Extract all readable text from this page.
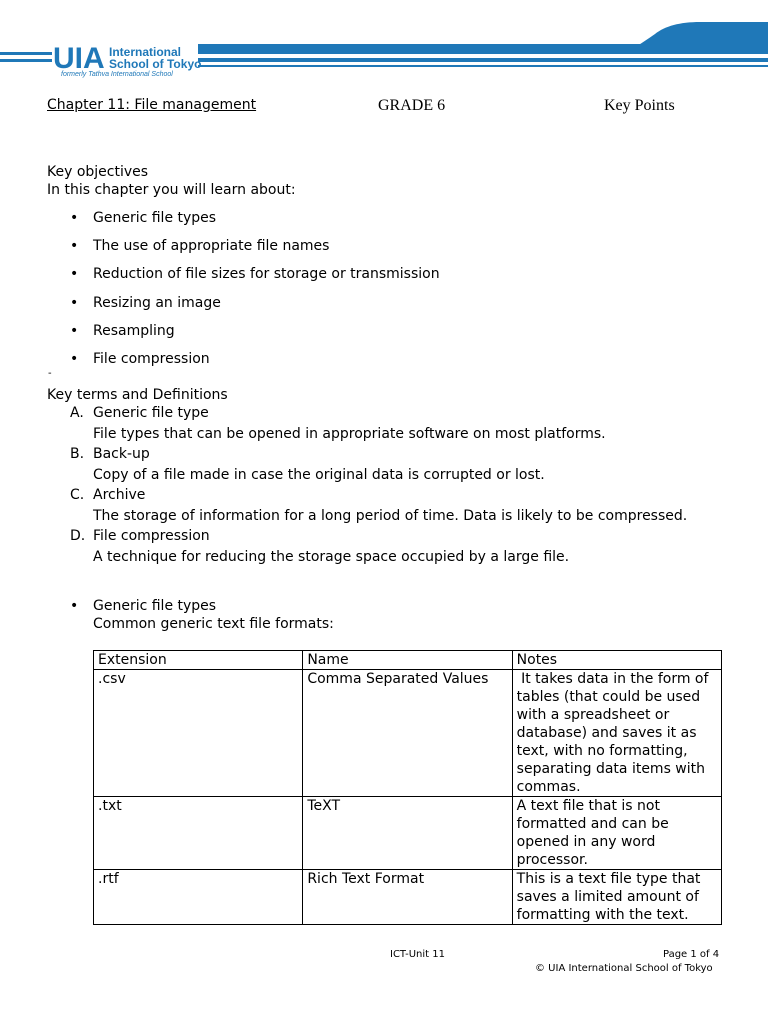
UIA International
School of Tokyo
formerly Tathva International School
Chapter 11: File management	GRADE 6	Key Points
Key objectives
In this chapter you will learn about:
• Generic file types
• The use of appropriate file names
• Reduction of file sizes for storage or transmission
• Resizing an image
• Resampling
• File compression
-
Key terms and Definitions
A. Generic file type
File types that can be opened in appropriate software on most platforms.
B. Back-up
Copy of a file made in case the original data is corrupted or lost.
C. Archive
The storage of information for a long period of time. Data is likely to be compressed.
D. File compression
A technique for reducing the storage space occupied by a large file.
• Generic file types
Common generic text file formats:
Extension	Name	Notes
.csv	Comma Separated Values	It takes data in the form of tables (that could be used with a spreadsheet or database) and saves it as text, with no formatting, separating data items with commas.
.txt	TeXT	A text file that is not formatted and can be opened in any word processor.
.rtf	Rich Text Format	This is a text file type that saves a limited amount of formatting with the text.
ICT-Unit 11	Page 1 of 4
© UIA International School of Tokyo
